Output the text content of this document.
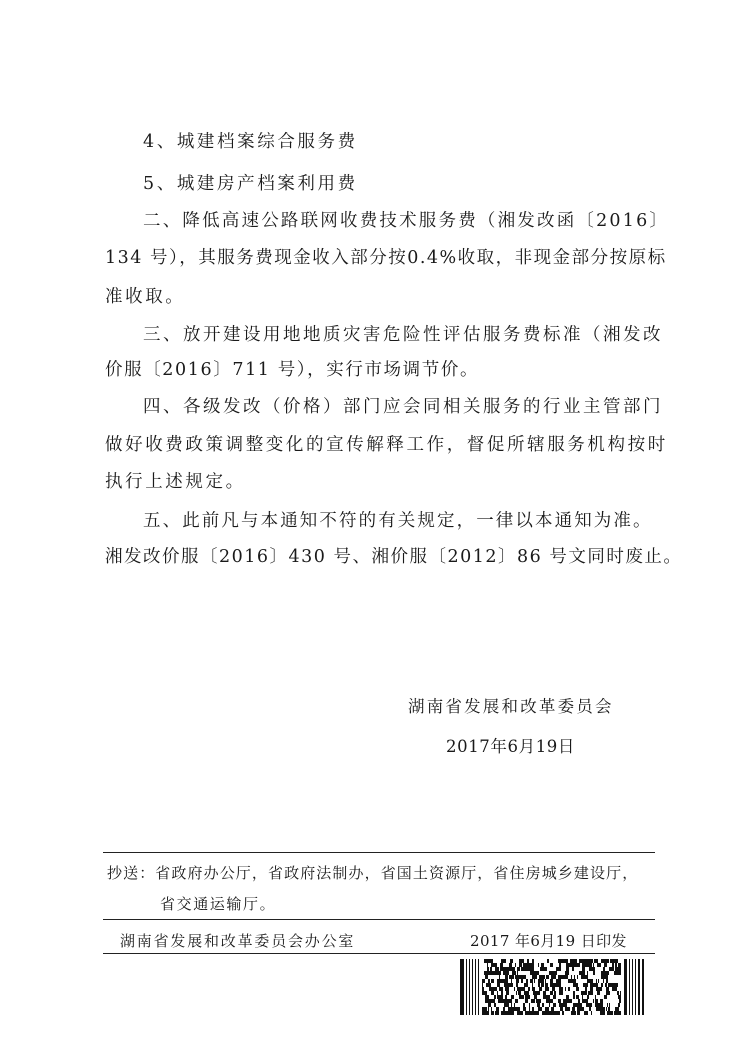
4、城建档案综合服务费
5、城建房产档案利用费
二、降低高速公路联网收费技术服务费（湘发改函〔2016〕
134 号），其服务费现金收入部分按0.4%收取，非现金部分按原标
准收取。
三、放开建设用地地质灾害危险性评估服务费标准（湘发改
价服〔2016〕711 号），实行市场调节价。
四、各级发改（价格）部门应会同相关服务的行业主管部门
做好收费政策调整变化的宣传解释工作，督促所辖服务机构按时
执行上述规定。
五、此前凡与本通知不符的有关规定，一律以本通知为准。
湘发改价服〔2016〕430 号、湘价服〔2012〕86 号文同时废止。
湖南省发展和改革委员会
2017年6月19日
抄送：省政府办公厅，省政府法制办，省国土资源厅，省住房城乡建设厅，
省交通运输厅。
湖南省发展和改革委员会办公室	2017 年6月19 日印发
